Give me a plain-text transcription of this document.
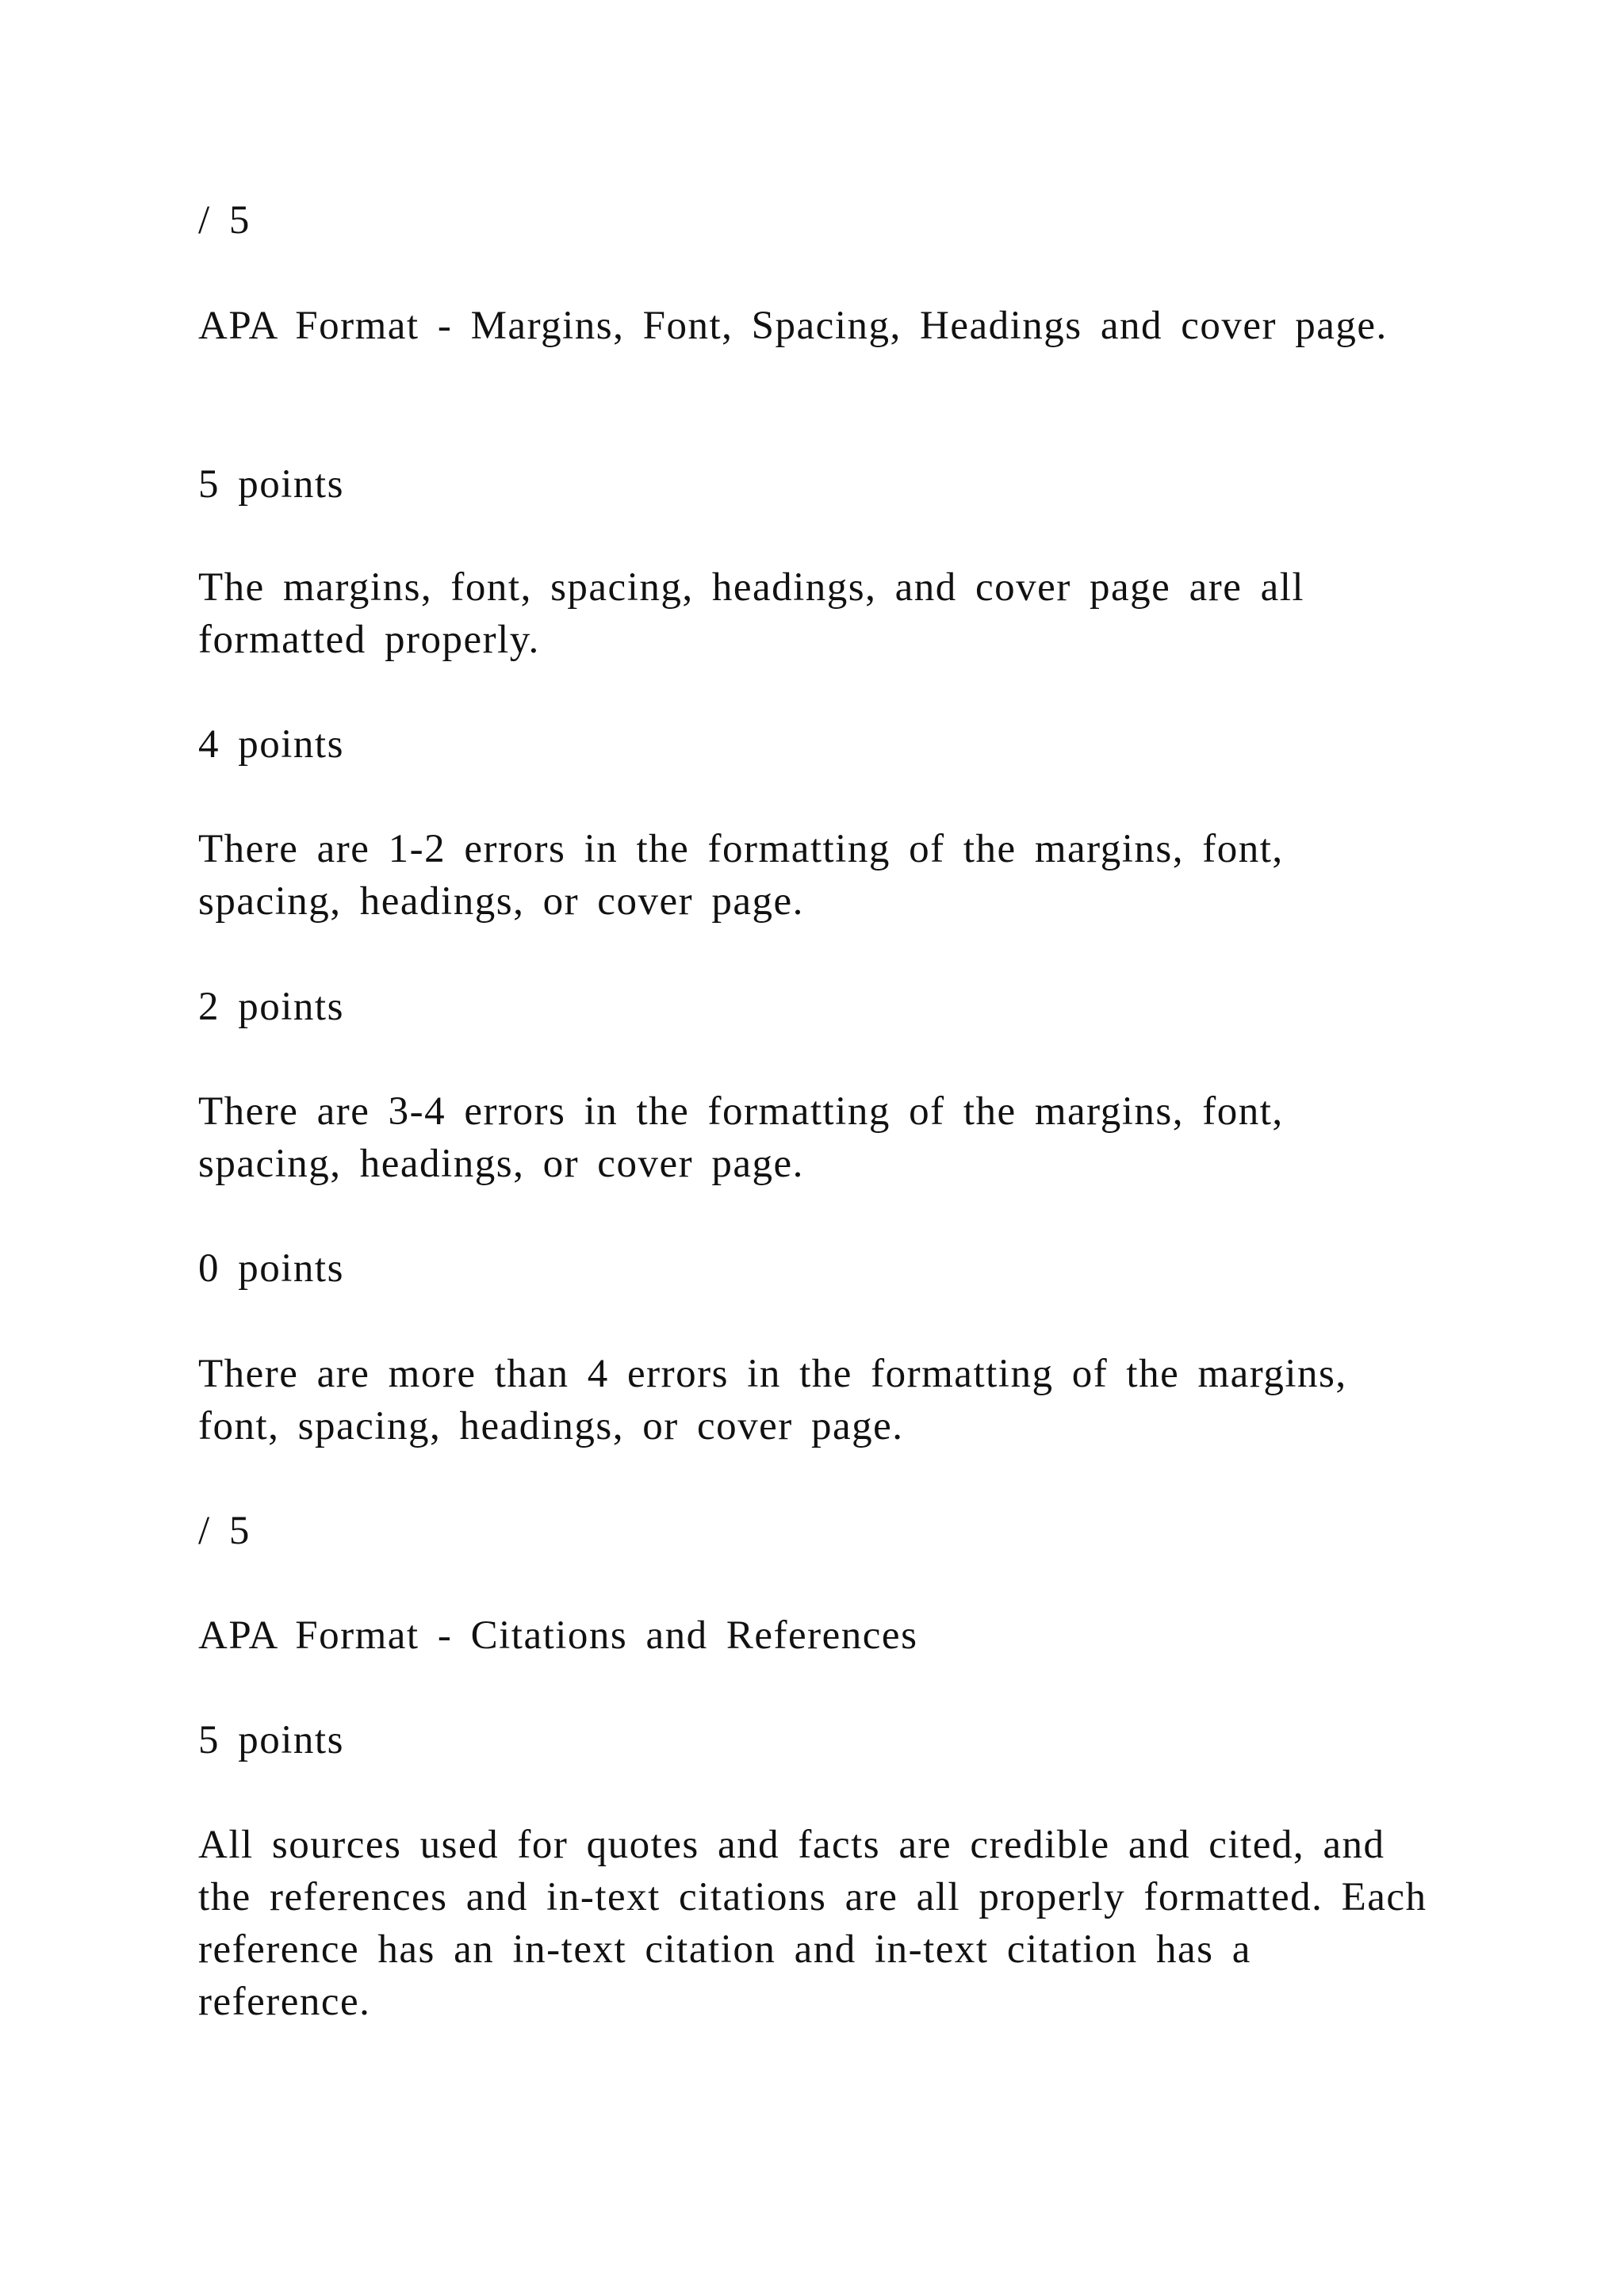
/ 5

APA Format - Margins, Font, Spacing, Headings and cover page.

5 points

The margins, font, spacing, headings, and cover page are all formatted properly.

4 points

There are 1-2 errors in the formatting of the margins, font, spacing, headings, or cover page.

2 points

There are 3-4 errors in the formatting of the margins, font, spacing, headings, or cover page.

0 points

There are more than 4 errors in the formatting of the margins, font, spacing, headings, or cover page.

/ 5

APA Format - Citations and References

5 points

All sources used for quotes and facts are credible and cited, and the references and in-text citations are all properly formatted. Each reference has an in-text citation and in-text citation has a reference.
